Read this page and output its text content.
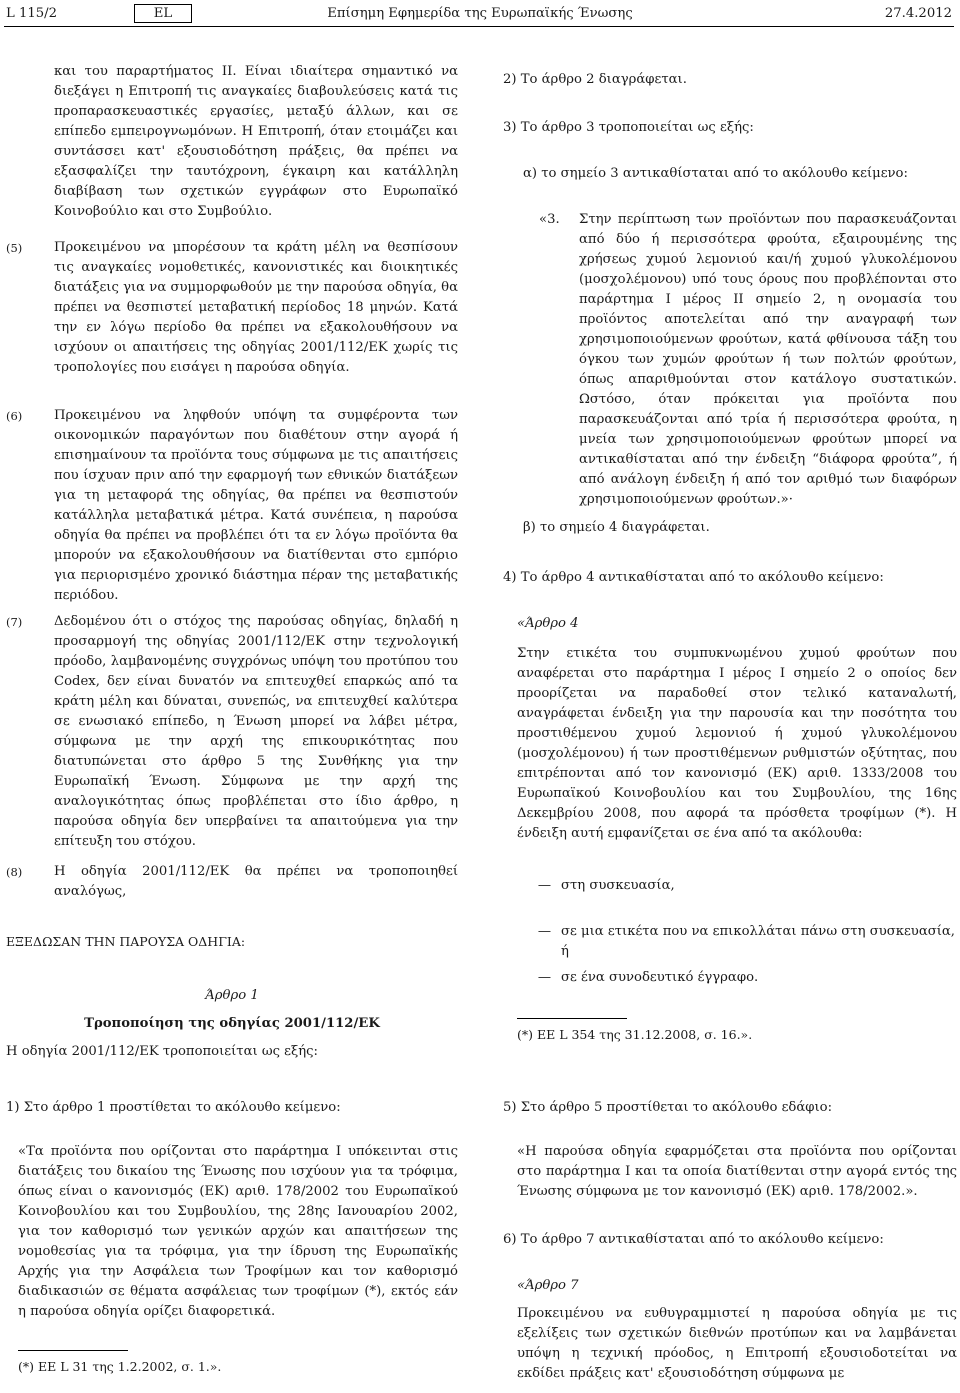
L 115/2	EL	Επίσημη Εφημερίδα της Ευρωπαϊκής Ένωσης	27.4.2012

και του παραρτήματος ΙΙ. Είναι ιδιαίτερα σημαντικό να διεξάγει η Επιτροπή τις αναγκαίες διαβουλεύσεις κατά τις προπαρασκευαστικές εργασίες, μεταξύ άλλων, και σε επίπεδο εμπειρογνωμόνων. Η Επιτροπή, όταν ετοιμάζει και συντάσσει κατ' εξουσιοδότηση πράξεις, θα πρέπει να εξασφαλίζει την ταυτόχρονη, έγκαιρη και κατάλληλη διαβίβαση των σχετικών εγγράφων στο Ευρωπαϊκό Κοινοβούλιο και στο Συμβούλιο.

(5) Προκειμένου να μπορέσουν τα κράτη μέλη να θεσπίσουν τις αναγκαίες νομοθετικές, κανονιστικές και διοικητικές διατάξεις για να συμμορφωθούν με την παρούσα οδηγία, θα πρέπει να θεσπιστεί μεταβατική περίοδος 18 μηνών. Κατά την εν λόγω περίοδο θα πρέπει να εξακολουθήσουν να ισχύουν οι απαιτήσεις της οδηγίας 2001/112/ΕΚ χωρίς τις τροπολογίες που εισάγει η παρούσα οδηγία.

(6) Προκειμένου να ληφθούν υπόψη τα συμφέροντα των οικονομικών παραγόντων που διαθέτουν στην αγορά ή επισημαίνουν τα προϊόντα τους σύμφωνα με τις απαιτήσεις που ίσχυαν πριν από την εφαρμογή των εθνικών διατάξεων για τη μεταφορά της οδηγίας, θα πρέπει να θεσπιστούν κατάλληλα μεταβατικά μέτρα. Κατά συνέπεια, η παρούσα οδηγία θα πρέπει να προβλέπει ότι τα εν λόγω προϊόντα θα μπορούν να εξακολουθήσουν να διατίθενται στο εμπόριο για περιορισμένο χρονικό διάστημα πέραν της μεταβατικής περιόδου.

(7) Δεδομένου ότι ο στόχος της παρούσας οδηγίας, δηλαδή η προσαρμογή της οδηγίας 2001/112/ΕΚ στην τεχνολογική πρόοδο, λαμβανομένης συγχρόνως υπόψη του προτύπου του Codex, δεν είναι δυνατόν να επιτευχθεί επαρκώς από τα κράτη μέλη και δύναται, συνεπώς, να επιτευχθεί καλύτερα σε ενωσιακό επίπεδο, η Ένωση μπορεί να λάβει μέτρα, σύμφωνα με την αρχή της επικουρικότητας που διατυπώνεται στο άρθρο 5 της Συνθήκης για την Ευρωπαϊκή Ένωση. Σύμφωνα με την αρχή της αναλογικότητας όπως προβλέπεται στο ίδιο άρθρο, η παρούσα οδηγία δεν υπερβαίνει τα απαιτούμενα για την επίτευξη του στόχου.

(8) Η οδηγία 2001/112/ΕΚ θα πρέπει να τροποποιηθεί αναλόγως,

ΕΞΕΔΩΣΑΝ ΤΗΝ ΠΑΡΟΥΣΑ ΟΔΗΓΙΑ:

Άρθρο 1

Τροποποίηση της οδηγίας 2001/112/ΕΚ

Η οδηγία 2001/112/ΕΚ τροποποιείται ως εξής:

1) Στο άρθρο 1 προστίθεται το ακόλουθο κείμενο:

«Τα προϊόντα που ορίζονται στο παράρτημα Ι υπόκεινται στις διατάξεις του δικαίου της Ένωσης που ισχύουν για τα τρόφιμα, όπως είναι ο κανονισμός (ΕΚ) αριθ. 178/2002 του Ευρωπαϊκού Κοινοβουλίου και του Συμβουλίου, της 28ης Ιανουαρίου 2002, για τον καθορισμό των γενικών αρχών και απαιτήσεων της νομοθεσίας για τα τρόφιμα, για την ίδρυση της Ευρωπαϊκής Αρχής για την Ασφάλεια των Τροφίμων και τον καθορισμό διαδικασιών σε θέματα ασφάλειας των τροφίμων (*), εκτός εάν η παρούσα οδηγία ορίζει διαφορετικά.

(*) ΕΕ L 31 της 1.2.2002, σ. 1.».

2) Το άρθρο 2 διαγράφεται.

3) Το άρθρο 3 τροποποιείται ως εξής:

α) το σημείο 3 αντικαθίσταται από το ακόλουθο κείμενο:

«3. Στην περίπτωση των προϊόντων που παρασκευάζονται από δύο ή περισσότερα φρούτα, εξαιρουμένης της χρήσεως χυμού λεμονιού και/ή χυμού γλυκολέμονου (μοσχολέμονου) υπό τους όρους που προβλέπονται στο παράρτημα Ι μέρος ΙΙ σημείο 2, η ονομασία του προϊόντος αποτελείται από την αναγραφή των χρησιμοποιούμενων φρούτων, κατά φθίνουσα τάξη του όγκου των χυμών φρούτων ή των πολτών φρούτων, όπως απαριθμούνται στον κατάλογο συστατικών. Ωστόσο, όταν πρόκειται για προϊόντα που παρασκευάζονται από τρία ή περισσότερα φρούτα, η μνεία των χρησιμοποιούμενων φρούτων μπορεί να αντικαθίσταται από την ένδειξη “διάφορα φρούτα”, ή από ανάλογη ένδειξη ή από τον αριθμό των διαφόρων χρησιμοποιούμενων φρούτων.»·

β) το σημείο 4 διαγράφεται.

4) Το άρθρο 4 αντικαθίσταται από το ακόλουθο κείμενο:

«Άρθρο 4

Στην ετικέτα του συμπυκνωμένου χυμού φρούτων που αναφέρεται στο παράρτημα Ι μέρος Ι σημείο 2 ο οποίος δεν προορίζεται να παραδοθεί στον τελικό καταναλωτή, αναγράφεται ένδειξη για την παρουσία και την ποσότητα του προστιθέμενου χυμού λεμονιού ή χυμού γλυκολέμονου (μοσχολέμονου) ή των προστιθέμενων ρυθμιστών οξύτητας, που επιτρέπονται από τον κανονισμό (ΕΚ) αριθ. 1333/2008 του Ευρωπαϊκού Κοινοβουλίου και του Συμβουλίου, της 16ης Δεκεμβρίου 2008, που αφορά τα πρόσθετα τροφίμων (*). Η ένδειξη αυτή εμφανίζεται σε ένα από τα ακόλουθα:

— στη συσκευασία,
— σε μια ετικέτα που να επικολλάται πάνω στη συσκευασία, ή
— σε ένα συνοδευτικό έγγραφο.

(*) ΕΕ L 354 της 31.12.2008, σ. 16.».

5) Στο άρθρο 5 προστίθεται το ακόλουθο εδάφιο:

«Η παρούσα οδηγία εφαρμόζεται στα προϊόντα που ορίζονται στο παράρτημα Ι και τα οποία διατίθενται στην αγορά εντός της Ένωσης σύμφωνα με τον κανονισμό (ΕΚ) αριθ. 178/2002.».

6) Το άρθρο 7 αντικαθίσταται από το ακόλουθο κείμενο:

«Άρθρο 7

Προκειμένου να ευθυγραμμιστεί η παρούσα οδηγία με τις εξελίξεις των σχετικών διεθνών προτύπων και να λαμβάνεται υπόψη η τεχνική πρόοδος, η Επιτροπή εξουσιοδοτείται να εκδίδει πράξεις κατ' εξουσιοδότηση σύμφωνα με
